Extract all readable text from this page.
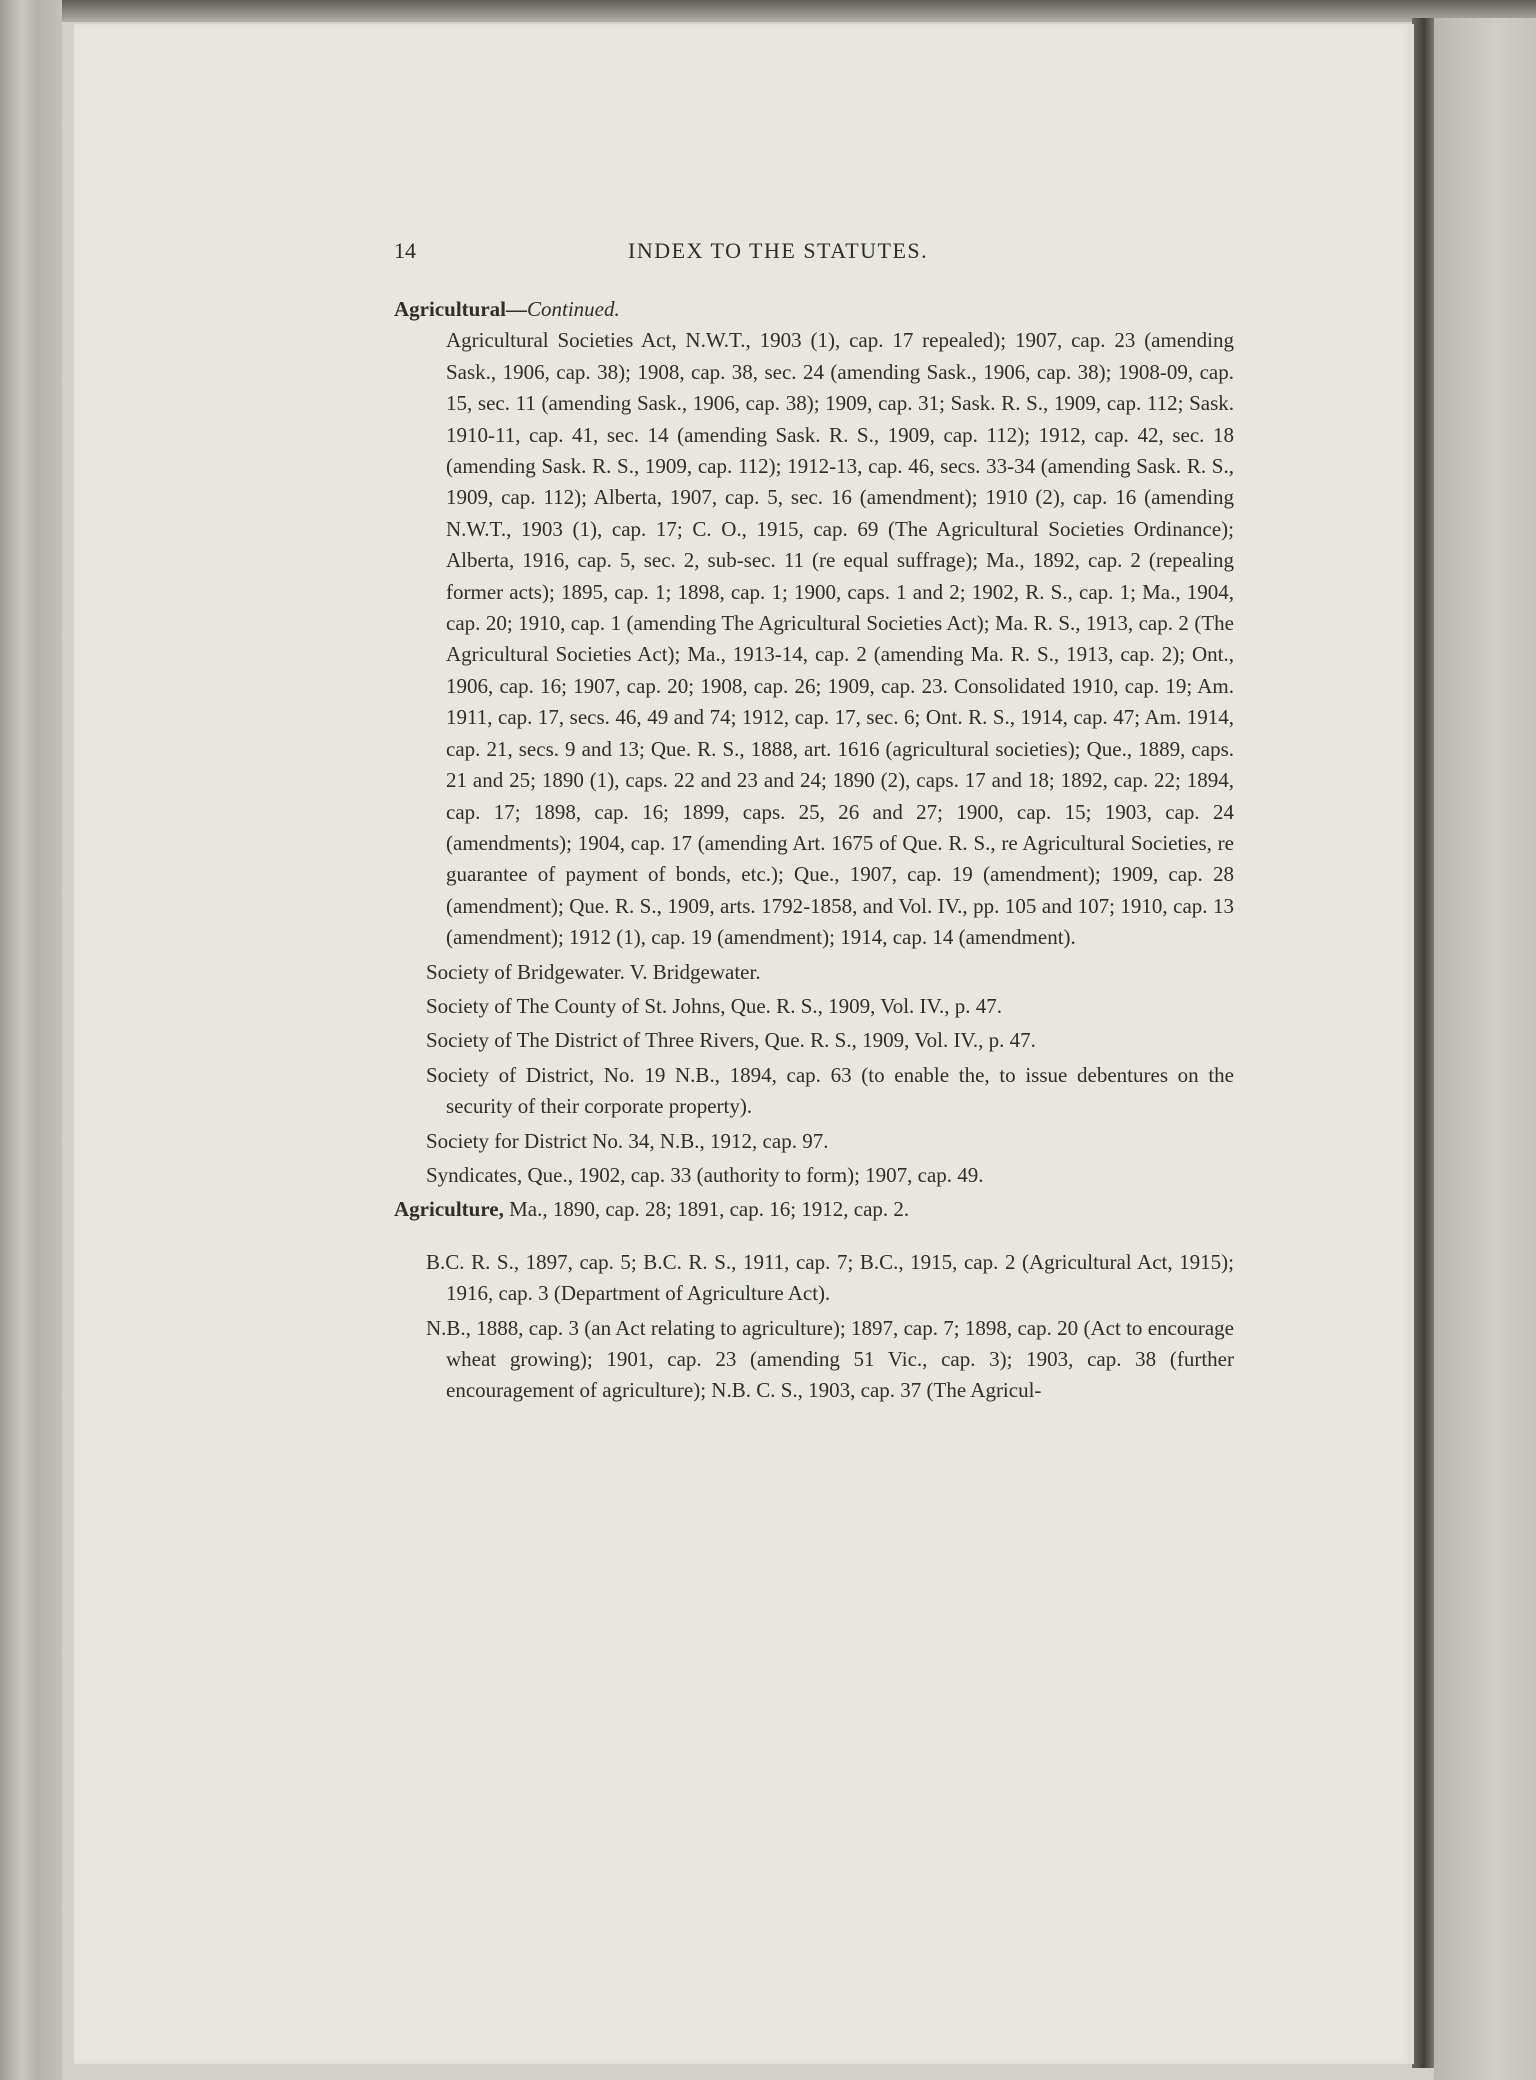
14	INDEX TO THE STATUTES.

Agricultural—Continued.

Agricultural Societies Act, N.W.T., 1903 (1), cap. 17 repealed); 1907, cap. 23 (amending Sask., 1906, cap. 38); 1908, cap. 38, sec. 24 (amending Sask., 1906, cap. 38); 1908-09, cap. 15, sec. 11 (amending Sask., 1906, cap. 38); 1909, cap. 31; Sask. R. S., 1909, cap. 112; Sask. 1910-11, cap. 41, sec. 14 (amending Sask. R. S., 1909, cap. 112); 1912, cap. 42, sec. 18 (amending Sask. R. S., 1909, cap. 112); 1912-13, cap. 46, secs. 33-34 (amending Sask. R. S., 1909, cap. 112); Alberta, 1907, cap. 5, sec. 16 (amendment); 1910 (2), cap. 16 (amending N.W.T., 1903 (1), cap. 17; C. O., 1915, cap. 69 (The Agricultural Societies Ordinance); Alberta, 1916, cap. 5, sec. 2, sub-sec. 11 (re equal suffrage); Ma., 1892, cap. 2 (repealing former acts); 1895, cap. 1; 1898, cap. 1; 1900, caps. 1 and 2; 1902, R. S., cap. 1; Ma., 1904, cap. 20; 1910, cap. 1 (amending The Agricultural Societies Act); Ma. R. S., 1913, cap. 2 (The Agricultural Societies Act); Ma., 1913-14, cap. 2 (amending Ma. R. S., 1913, cap. 2); Ont., 1906, cap. 16; 1907, cap. 20; 1908, cap. 26; 1909, cap. 23. Consolidated 1910, cap. 19; Am. 1911, cap. 17, secs. 46, 49 and 74; 1912, cap. 17, sec. 6; Ont. R. S., 1914, cap. 47; Am. 1914, cap. 21, secs. 9 and 13; Que. R. S., 1888, art. 1616 (agricultural societies); Que., 1889, caps. 21 and 25; 1890 (1), caps. 22 and 23 and 24; 1890 (2), caps. 17 and 18; 1892, cap. 22; 1894, cap. 17; 1898, cap. 16; 1899, caps. 25, 26 and 27; 1900, cap. 15; 1903, cap. 24 (amendments); 1904, cap. 17 (amending Art. 1675 of Que. R. S., re Agricultural Societies, re guarantee of payment of bonds, etc.); Que., 1907, cap. 19 (amendment); 1909, cap. 28 (amendment); Que. R. S., 1909, arts. 1792-1858, and Vol. IV., pp. 105 and 107; 1910, cap. 13 (amendment); 1912 (1), cap. 19 (amendment); 1914, cap. 14 (amendment).

Society of Bridgewater. V. Bridgewater.

Society of The County of St. Johns, Que. R. S., 1909, Vol. IV., p. 47.

Society of The District of Three Rivers, Que. R. S., 1909, Vol. IV., p. 47.

Society of District, No. 19 N.B., 1894, cap. 63 (to enable the, to issue debentures on the security of their corporate property).

Society for District No. 34, N.B., 1912, cap. 97.

Syndicates, Que., 1902, cap. 33 (authority to form); 1907, cap. 49.

Agriculture, Ma., 1890, cap. 28; 1891, cap. 16; 1912, cap. 2.

B.C. R. S., 1897, cap. 5; B.C. R. S., 1911, cap. 7; B.C., 1915, cap. 2 (Agricultural Act, 1915); 1916, cap. 3 (Department of Agriculture Act).

N.B., 1888, cap. 3 (an Act relating to agriculture); 1897, cap. 7; 1898, cap. 20 (Act to encourage wheat growing); 1901, cap. 23 (amending 51 Vic., cap. 3); 1903, cap. 38 (further encouragement of agriculture); N.B. C. S., 1903, cap. 37 (The Agricul-
